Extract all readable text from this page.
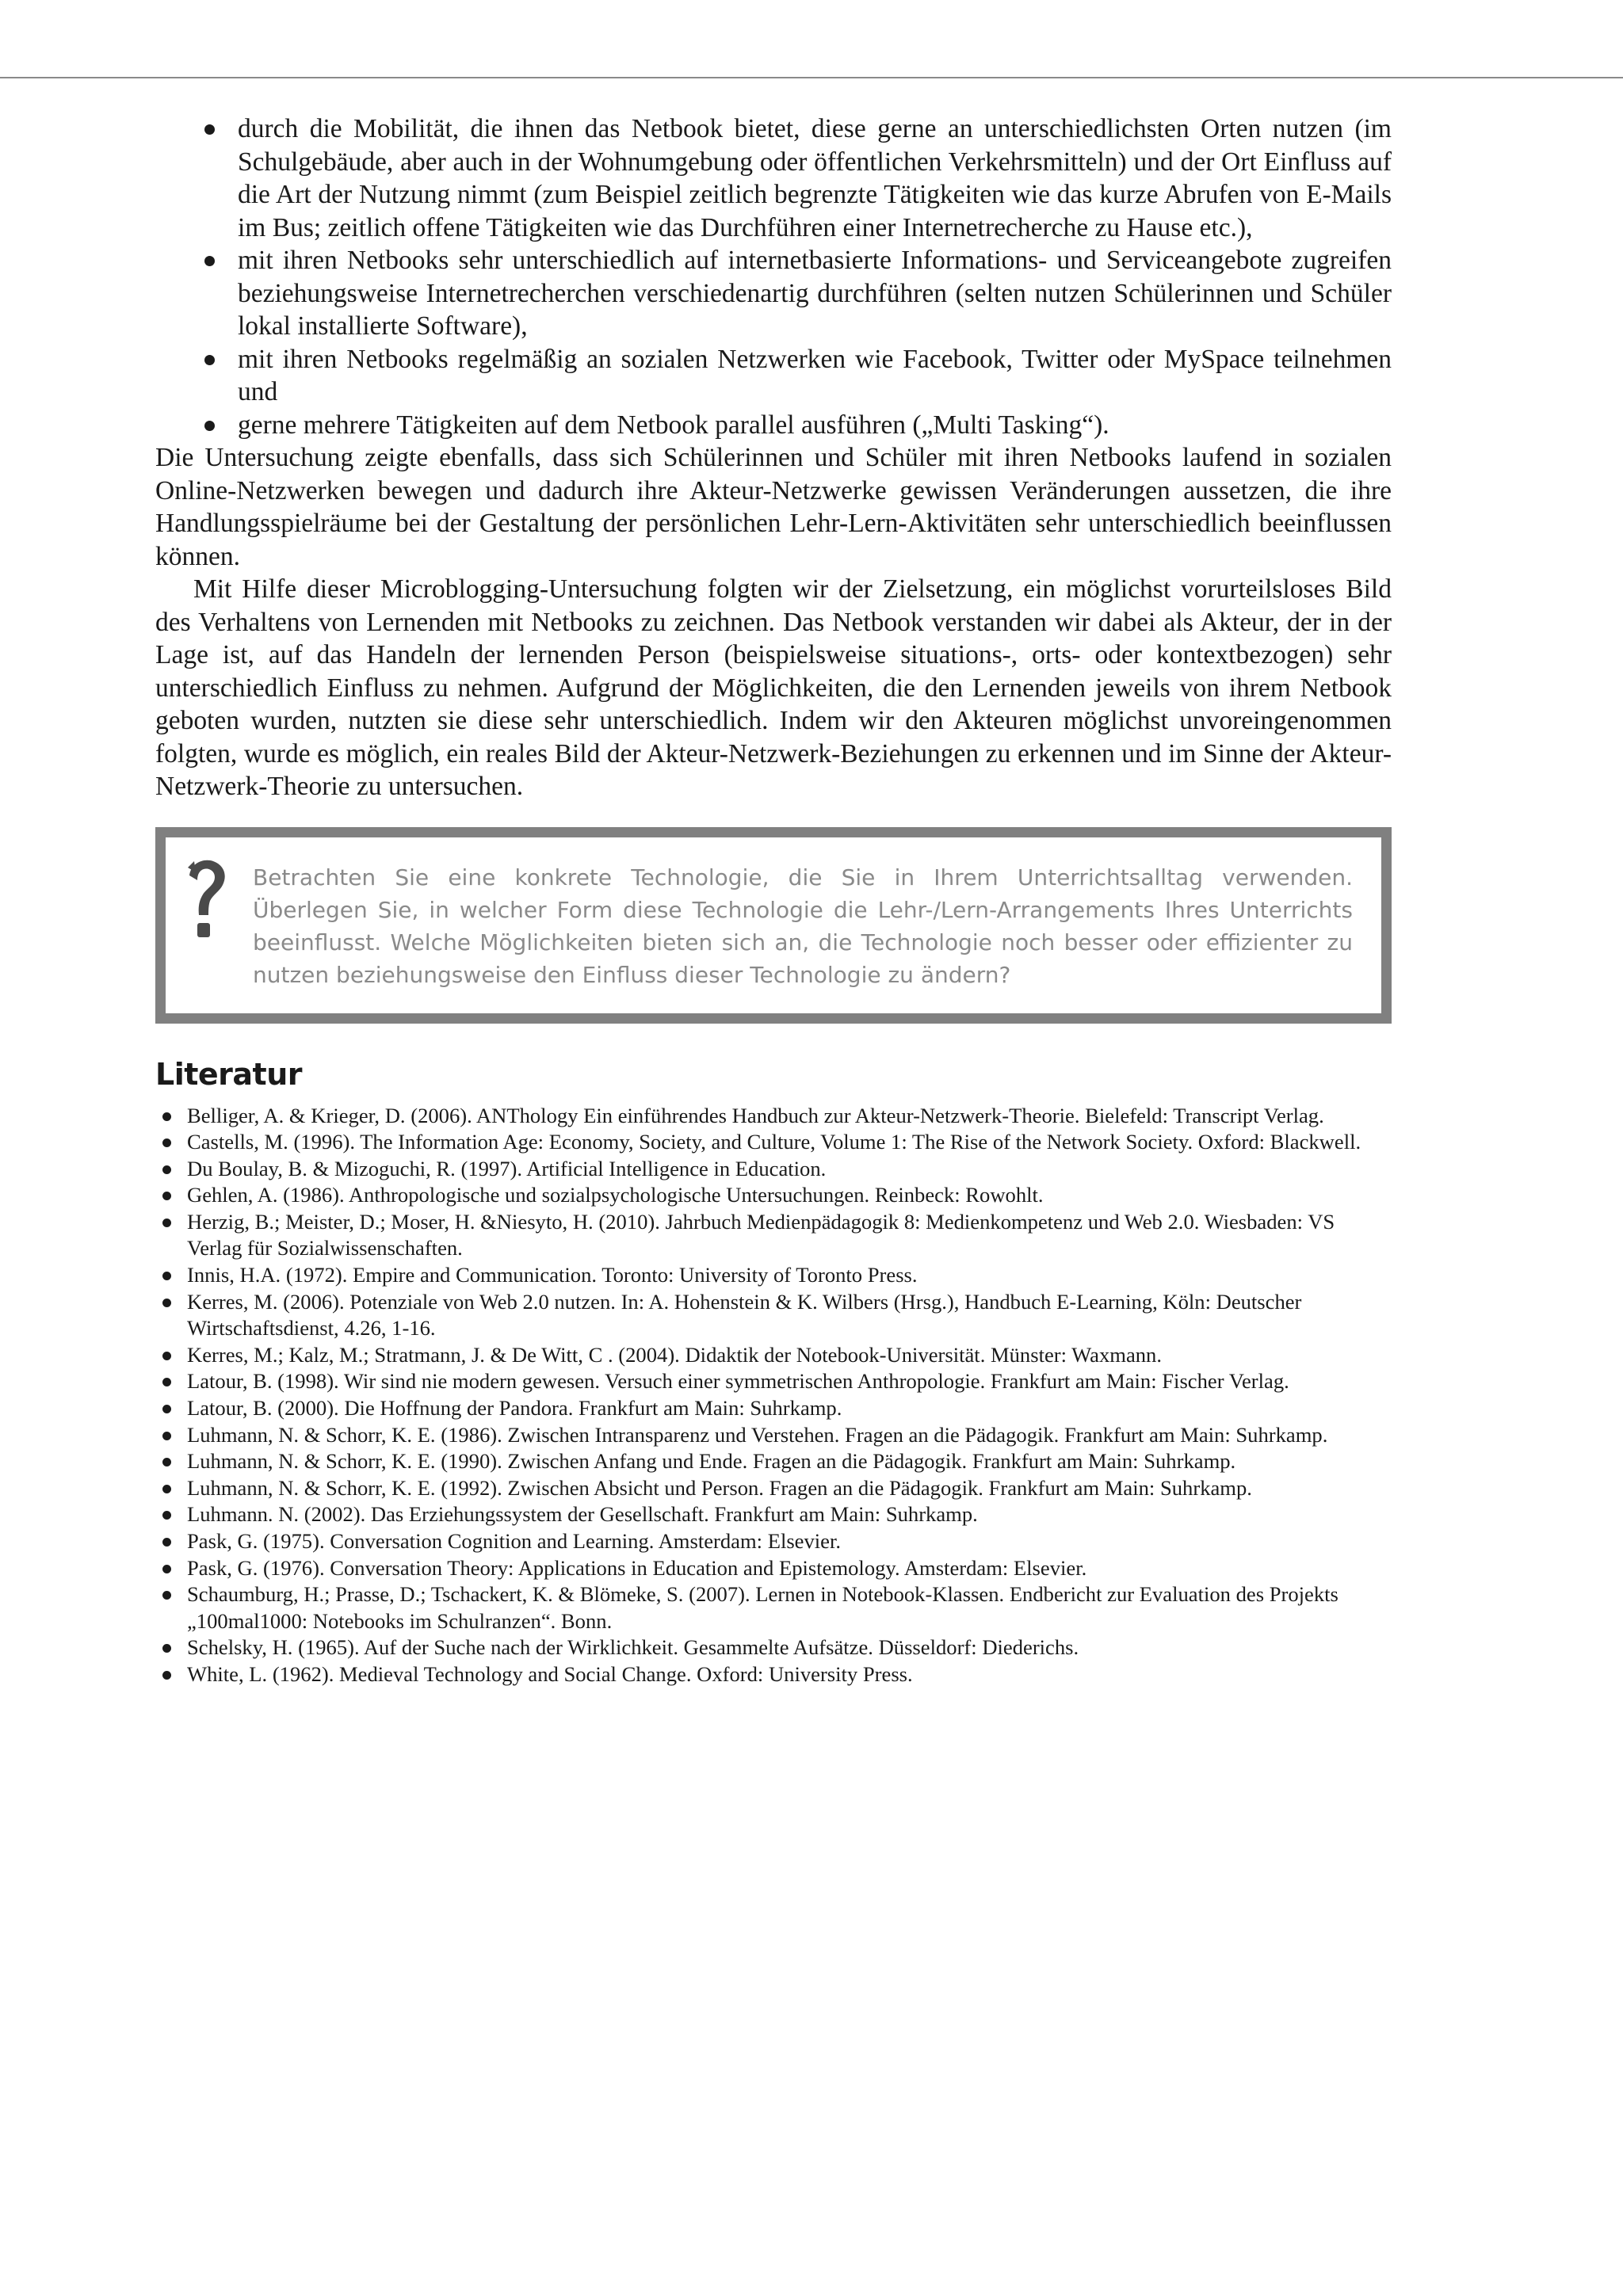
durch die Mobilität, die ihnen das Netbook bietet, diese gerne an unterschiedlichsten Orten nutzen (im Schulgebäude, aber auch in der Wohnumgebung oder öffentlichen Verkehrsmitteln) und der Ort Einfluss auf die Art der Nutzung nimmt (zum Beispiel zeitlich begrenzte Tätigkeiten wie das kurze Abrufen von E-Mails im Bus; zeitlich offene Tätigkeiten wie das Durchführen einer Internetrecherche zu Hause etc.),
mit ihren Netbooks sehr unterschiedlich auf internetbasierte Informations- und Serviceangebote zugreifen beziehungsweise Internetrecherchen verschiedenartig durchführen (selten nutzen Schülerinnen und Schüler lokal installierte Software),
mit ihren Netbooks regelmäßig an sozialen Netzwerken wie Facebook, Twitter oder MySpace teilnehmen und
gerne mehrere Tätigkeiten auf dem Netbook parallel ausführen („Multi Tasking“).

Die Untersuchung zeigte ebenfalls, dass sich Schülerinnen und Schüler mit ihren Netbooks laufend in sozialen Online-Netzwerken bewegen und dadurch ihre Akteur-Netzwerke gewissen Veränderungen aussetzen, die ihre Handlungsspielräume bei der Gestaltung der persönlichen Lehr-Lern-Aktivitäten sehr unterschiedlich beeinflussen können.

Mit Hilfe dieser Microblogging-Untersuchung folgten wir der Zielsetzung, ein möglichst vorurteilsloses Bild des Verhaltens von Lernenden mit Netbooks zu zeichnen. Das Netbook verstanden wir dabei als Akteur, der in der Lage ist, auf das Handeln der lernenden Person (beispielsweise situations-, orts- oder kontextbezogen) sehr unterschiedlich Einfluss zu nehmen. Aufgrund der Möglichkeiten, die den Lernenden jeweils von ihrem Netbook geboten wurden, nutzten sie diese sehr unterschiedlich. Indem wir den Akteuren möglichst unvoreingenommen folgten, wurde es möglich, ein reales Bild der Akteur-Netzwerk-Beziehungen zu erkennen und im Sinne der Akteur-Netzwerk-Theorie zu untersuchen.

Betrachten Sie eine konkrete Technologie, die Sie in Ihrem Unterrichtsalltag verwenden. Überlegen Sie, in welcher Form diese Technologie die Lehr-/Lern-Arrangements Ihres Unterrichts beeinflusst. Welche Möglichkeiten bieten sich an, die Technologie noch besser oder effizienter zu nutzen beziehungsweise den Einfluss dieser Technologie zu ändern?
Literatur
Belliger, A. & Krieger, D. (2006). ANThology Ein einführendes Handbuch zur Akteur-Netzwerk-Theorie. Bielefeld: Transcript Verlag.
Castells, M. (1996). The Information Age: Economy, Society, and Culture, Volume 1: The Rise of the Network Society. Oxford: Blackwell.
Du Boulay, B. & Mizoguchi, R. (1997). Artificial Intelligence in Education.
Gehlen, A. (1986). Anthropologische und sozialpsychologische Untersuchungen. Reinbeck: Rowohlt.
Herzig, B.; Meister, D.; Moser, H. &Niesyto, H. (2010). Jahrbuch Medienpädagogik 8: Medienkompetenz und Web 2.0. Wiesbaden: VS Verlag für Sozialwissenschaften.
Innis, H.A. (1972). Empire and Communication. Toronto: University of Toronto Press.
Kerres, M. (2006). Potenziale von Web 2.0 nutzen. In: A. Hohenstein & K. Wilbers (Hrsg.), Handbuch E-Learning, Köln: Deutscher Wirtschaftsdienst, 4.26, 1-16.
Kerres, M.; Kalz, M.; Stratmann, J. & De Witt, C . (2004). Didaktik der Notebook-Universität. Münster: Waxmann.
Latour, B. (1998). Wir sind nie modern gewesen. Versuch einer symmetrischen Anthropologie. Frankfurt am Main: Fischer Verlag.
Latour, B. (2000). Die Hoffnung der Pandora. Frankfurt am Main: Suhrkamp.
Luhmann, N. & Schorr, K. E. (1986). Zwischen Intransparenz und Verstehen. Fragen an die Pädagogik. Frankfurt am Main: Suhrkamp.
Luhmann, N. & Schorr, K. E. (1990). Zwischen Anfang und Ende. Fragen an die Pädagogik. Frankfurt am Main: Suhrkamp.
Luhmann, N. & Schorr, K. E. (1992). Zwischen Absicht und Person. Fragen an die Pädagogik. Frankfurt am Main: Suhrkamp.
Luhmann. N. (2002). Das Erziehungssystem der Gesellschaft. Frankfurt am Main: Suhrkamp.
Pask, G. (1975). Conversation Cognition and Learning. Amsterdam: Elsevier.
Pask, G. (1976). Conversation Theory: Applications in Education and Epistemology. Amsterdam: Elsevier.
Schaumburg, H.; Prasse, D.; Tschackert, K. & Blömeke, S. (2007). Lernen in Notebook-Klassen. Endbericht zur Evaluation des Projekts „100mal1000: Notebooks im Schulranzen“. Bonn.
Schelsky, H. (1965). Auf der Suche nach der Wirklichkeit. Gesammelte Aufsätze. Düsseldorf: Diederichs.
White, L. (1962). Medieval Technology and Social Change. Oxford: University Press.
